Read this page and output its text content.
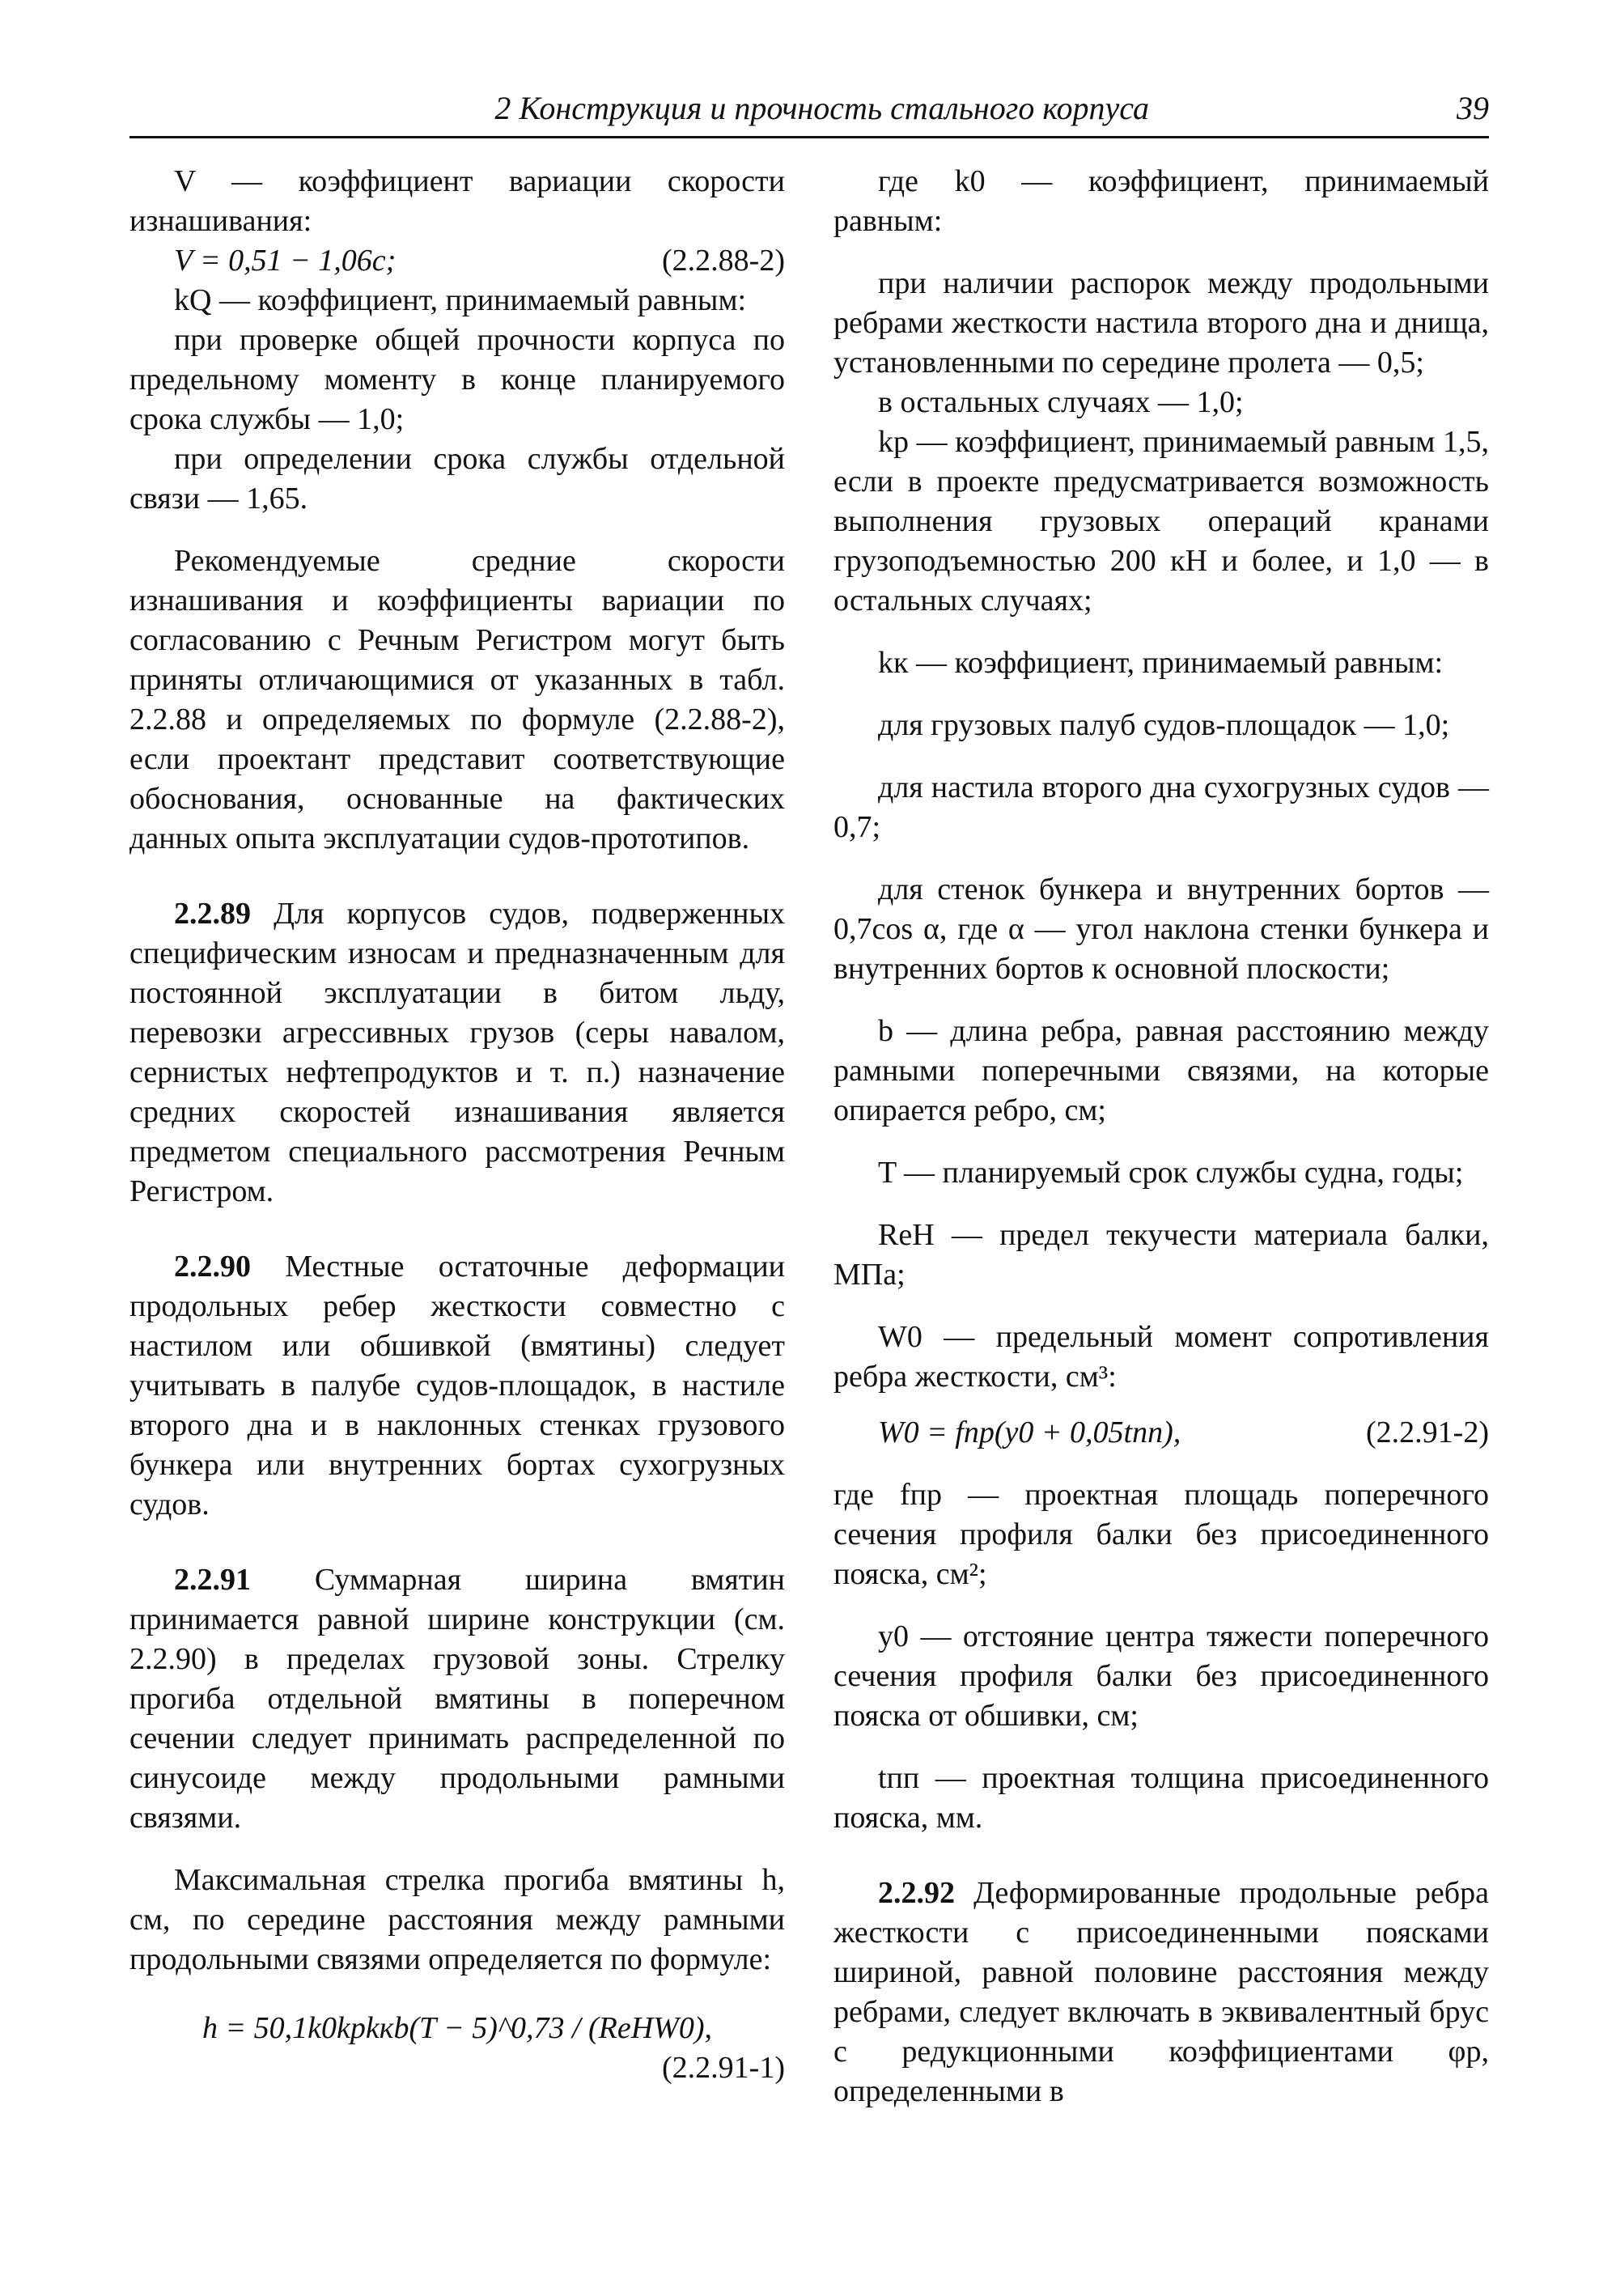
2 Конструкция и прочность стального корпуса	39

V — коэффициент вариации скорости изнашивания:

V = 0,51 − 1,06c;	(2.2.88-2)

kQ — коэффициент, принимаемый равным:

при проверке общей прочности корпуса по предельному моменту в конце планируемого срока службы — 1,0;

при определении срока службы отдельной связи — 1,65.

Рекомендуемые средние скорости изнашивания и коэффициенты вариации по согласованию с Речным Регистром могут быть приняты отличающимися от указанных в табл. 2.2.88 и определяемых по формуле (2.2.88-2), если проектант представит соответствующие обоснования, основанные на фактических данных опыта эксплуатации судов-прототипов.

2.2.89 Для корпусов судов, подверженных специфическим износам и предназначенным для постоянной эксплуатации в битом льду, перевозки агрессивных грузов (серы навалом, сернистых нефтепродуктов и т. п.) назначение средних скоростей изнашивания является предметом специального рассмотрения Речным Регистром.

2.2.90 Местные остаточные деформации продольных ребер жесткости совместно с настилом или обшивкой (вмятины) следует учитывать в палубе судов-площадок, в настиле второго дна и в наклонных стенках грузового бункера или внутренних бортах сухогрузных судов.

2.2.91 Суммарная ширина вмятин принимается равной ширине конструкции (см. 2.2.90) в пределах грузовой зоны. Стрелку прогиба отдельной вмятины в поперечном сечении следует принимать распределенной по синусоиде между продольными рамными связями.

Максимальная стрелка прогиба вмятины h, см, по середине расстояния между рамными продольными связями определяется по формуле:

h = 50,1k0kpkкb(T − 5)^0,73 / (RеНW0),

(2.2.91-1)

где k0 — коэффициент, принимаемый равным:

при наличии распорок между продольными ребрами жесткости настила второго дна и днища, установленными по середине пролета — 0,5;

в остальных случаях — 1,0;

kp — коэффициент, принимаемый равным 1,5, если в проекте предусматривается возможность выполнения грузовых операций кранами грузоподъемностью 200 кН и более, и 1,0 — в остальных случаях;

kк — коэффициент, принимаемый равным:

для грузовых палуб судов-площадок — 1,0;

для настила второго дна сухогрузных судов — 0,7;

для стенок бункера и внутренних бортов — 0,7cos α, где α — угол наклона стенки бункера и внутренних бортов к основной плоскости;

b — длина ребра, равная расстоянию между рамными поперечными связями, на которые опирается ребро, см;

T — планируемый срок службы судна, годы;

RеН — предел текучести материала балки, МПа;

W0 — предельный момент сопротивления ребра жесткости, см³:

W0 = fпр(y0 + 0,05tпп),	(2.2.91-2)

где fпр — проектная площадь поперечного сечения профиля балки без присоединенного пояска, см²;

y0 — отстояние центра тяжести поперечного сечения профиля балки без присоединенного пояска от обшивки, см;

tпп — проектная толщина присоединенного пояска, мм.

2.2.92 Деформированные продольные ребра жесткости с присоединенными поясками шириной, равной половине расстояния между ребрами, следует включать в эквивалентный брус с редукционными коэффициентами φp, определенными в
